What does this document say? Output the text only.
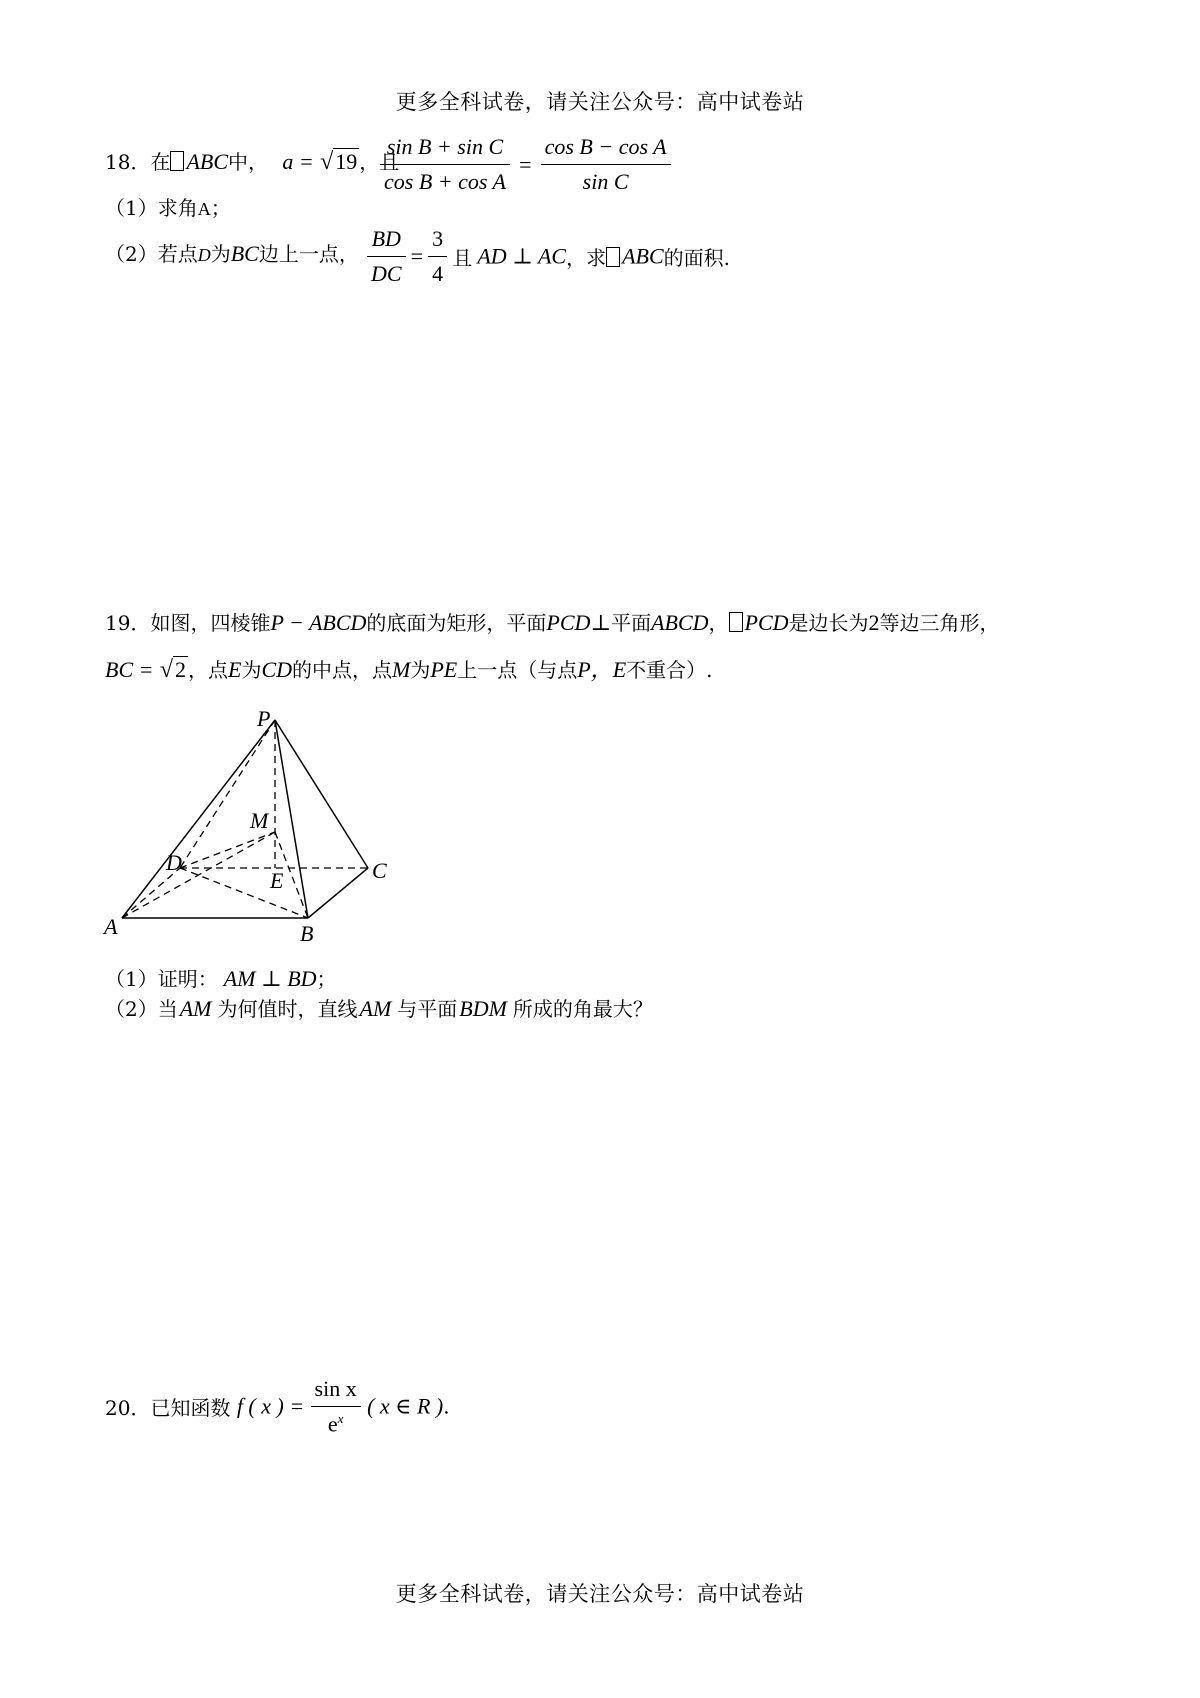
更多全科试卷，请关注公众号：高中试卷站
18．在 ABC中， a = √19 ，且
$\frac{\text{sin B + sin C}}{\text{cos B + cos A}} = \frac{\text{cos B − cos A}}{\text{sin C}}$
（1）求角A；
（2）若点D为BC边上一点， $\frac{BD}{DC} = \frac{3}{4}$ 且 AD ⊥ AC，求 ABC的面积.
19．如图，四棱锥P − ABCD的底面为矩形，平面PCD⊥平面ABCD， PCD是边长为2等边三角形，
BC = √2 ，点E为CD的中点，点M为PE上一点（与点P，E不重合）.
P
M
D
E	C
A	B
（1）证明： AM ⊥ BD；
（2）当AM 为何值时，直线AM 与平面BDM 所成的角最大？
20．已知函数 f ( x ) = $\frac{\text{sin x}}{e^x}$ ( x ∈ R ).
更多全科试卷，请关注公众号：高中试卷站
